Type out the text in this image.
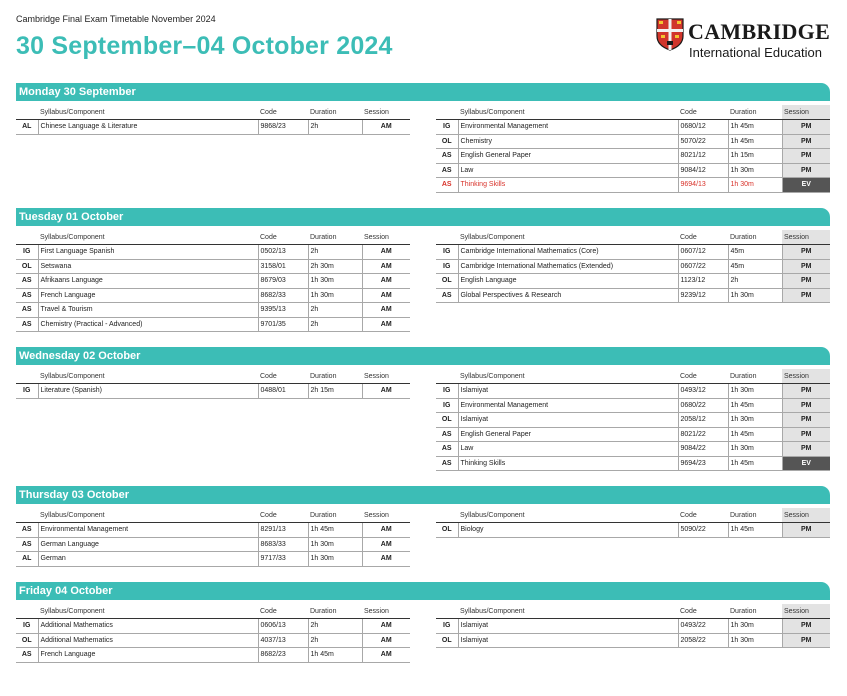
Cambridge Final Exam Timetable November 2024
30 September–04 October 2024
CAMBRIDGE
International Education
Monday 30 September
	Syllabus/Component	Code	Duration	Session
AL	Chinese Language & Literature	9868/23	2h	AM
	Syllabus/Component	Code	Duration	Session
IG	Environmental Management	0680/12	1h 45m	PM
OL	Chemistry	5070/22	1h 45m	PM
AS	English General Paper	8021/12	1h 15m	PM
AS	Law	9084/12	1h 30m	PM
AS	Thinking Skills	9694/13	1h 30m	EV
Tuesday 01 October
	Syllabus/Component	Code	Duration	Session
IG	First Language Spanish	0502/13	2h	AM
OL	Setswana	3158/01	2h 30m	AM
AS	Afrikaans Language	8679/03	1h 30m	AM
AS	French Language	8682/33	1h 30m	AM
AS	Travel & Tourism	9395/13	2h	AM
AS	Chemistry (Practical - Advanced)	9701/35	2h	AM
	Syllabus/Component	Code	Duration	Session
IG	Cambridge International Mathematics (Core)	0607/12	45m	PM
IG	Cambridge International Mathematics (Extended)	0607/22	45m	PM
OL	English Language	1123/12	2h	PM
AS	Global Perspectives & Research	9239/12	1h 30m	PM
Wednesday 02 October
	Syllabus/Component	Code	Duration	Session
IG	Literature (Spanish)	0488/01	2h 15m	AM
	Syllabus/Component	Code	Duration	Session
IG	Islamiyat	0493/12	1h 30m	PM
IG	Environmental Management	0680/22	1h 45m	PM
OL	Islamiyat	2058/12	1h 30m	PM
AS	English General Paper	8021/22	1h 45m	PM
AS	Law	9084/22	1h 30m	PM
AS	Thinking Skills	9694/23	1h 45m	EV
Thursday 03 October
	Syllabus/Component	Code	Duration	Session
AS	Environmental Management	8291/13	1h 45m	AM
AS	German Language	8683/33	1h 30m	AM
AL	German	9717/33	1h 30m	AM
	Syllabus/Component	Code	Duration	Session
OL	Biology	5090/22	1h 45m	PM
Friday 04 October
	Syllabus/Component	Code	Duration	Session
IG	Additional Mathematics	0606/13	2h	AM
OL	Additional Mathematics	4037/13	2h	AM
AS	French Language	8682/23	1h 45m	AM
	Syllabus/Component	Code	Duration	Session
IG	Islamiyat	0493/22	1h 30m	PM
OL	Islamiyat	2058/22	1h 30m	PM
